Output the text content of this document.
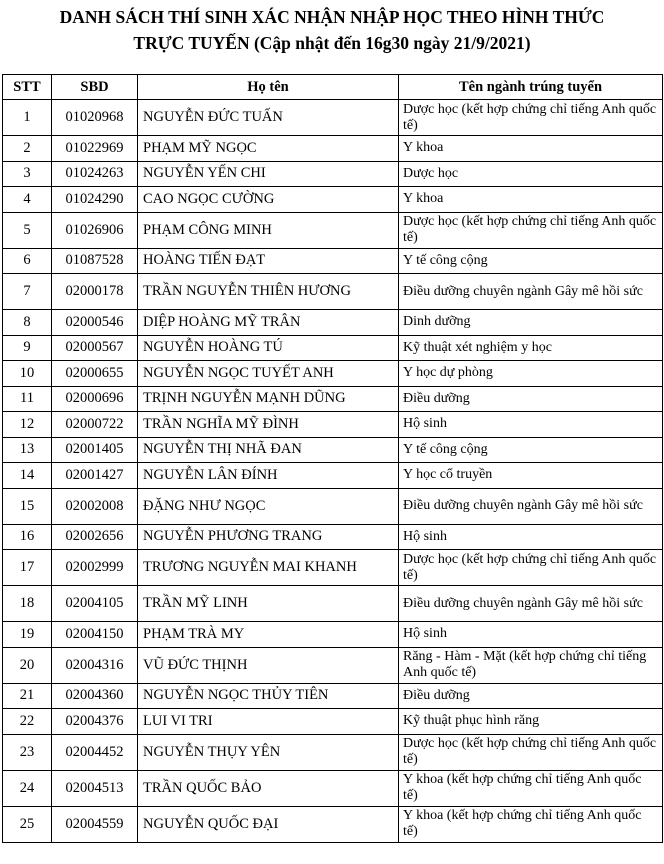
DANH SÁCH THÍ SINH XÁC NHẬN NHẬP HỌC THEO HÌNH THỨC
TRỰC TUYẾN (Cập nhật đến 16g30 ngày 21/9/2021)
STT	SBD	Họ tên	Tên ngành trúng tuyển
1	01020968	NGUYỄN ĐỨC TUẤN	Dược học (kết hợp chứng chỉ tiếng Anh quốc tế)
2	01022969	PHẠM MỸ NGỌC	Y khoa
3	01024263	NGUYỄN YẾN CHI	Dược học
4	01024290	CAO NGỌC CƯỜNG	Y khoa
5	01026906	PHẠM CÔNG MINH	Dược học (kết hợp chứng chỉ tiếng Anh quốc tế)
6	01087528	HOÀNG TIẾN ĐẠT	Y tế công cộng
7	02000178	TRẦN NGUYỄN THIÊN HƯƠNG	Điều dưỡng chuyên ngành Gây mê hồi sức
8	02000546	DIỆP HOÀNG MỸ TRÂN	Dinh dưỡng
9	02000567	NGUYỄN HOÀNG TÚ	Kỹ thuật xét nghiệm y học
10	02000655	NGUYỄN NGỌC TUYẾT ANH	Y học dự phòng
11	02000696	TRỊNH NGUYỄN MẠNH DŨNG	Điều dưỡng
12	02000722	TRẦN NGHĨA MỸ ĐÌNH	Hộ sinh
13	02001405	NGUYỄN THỊ NHÃ ĐAN	Y tế công cộng
14	02001427	NGUYỄN LÂN ĐÍNH	Y học cổ truyền
15	02002008	ĐẶNG NHƯ NGỌC	Điều dưỡng chuyên ngành Gây mê hồi sức
16	02002656	NGUYỄN PHƯƠNG TRANG	Hộ sinh
17	02002999	TRƯƠNG NGUYỄN MAI KHANH	Dược học (kết hợp chứng chỉ tiếng Anh quốc tế)
18	02004105	TRẦN MỸ LINH	Điều dưỡng chuyên ngành Gây mê hồi sức
19	02004150	PHẠM TRÀ MY	Hộ sinh
20	02004316	VŨ ĐỨC THỊNH	Răng - Hàm - Mặt (kết hợp chứng chỉ tiếng Anh quốc tế)
21	02004360	NGUYỄN NGỌC THỦY TIÊN	Điều dưỡng
22	02004376	LUI VI TRI	Kỹ thuật phục hình răng
23	02004452	NGUYỄN THỤY YÊN	Dược học (kết hợp chứng chỉ tiếng Anh quốc tế)
24	02004513	TRẦN QUỐC BẢO	Y khoa (kết hợp chứng chỉ tiếng Anh quốc tế)
25	02004559	NGUYỄN QUỐC ĐẠI	Y khoa (kết hợp chứng chỉ tiếng Anh quốc tế)
